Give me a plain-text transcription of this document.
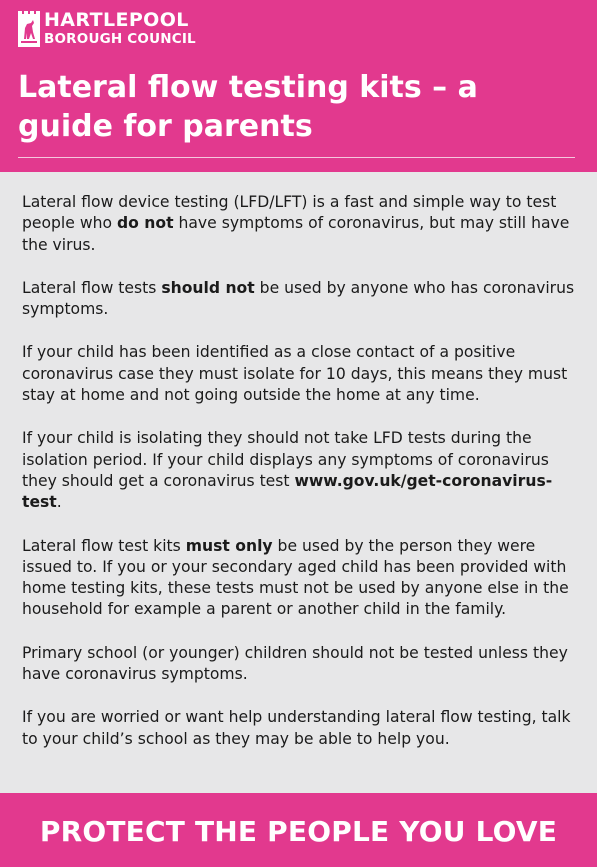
HARTLEPOOL
BOROUGH COUNCIL
Lateral flow testing kits – a guide for parents

Lateral flow device testing (LFD/LFT) is a fast and simple way to test people who do not have symptoms of coronavirus, but may still have the virus.

Lateral flow tests should not be used by anyone who has coronavirus symptoms.

If your child has been identified as a close contact of a positive coronavirus case they must isolate for 10 days, this means they must stay at home and not going outside the home at any time.

If your child is isolating they should not take LFD tests during the isolation period. If your child displays any symptoms of coronavirus they should get a coronavirus test www.gov.uk/get-coronavirus-test.

Lateral flow test kits must only be used by the person they were issued to. If you or your secondary aged child has been provided with home testing kits, these tests must not be used by anyone else in the household for example a parent or another child in the family.

Primary school (or younger) children should not be tested unless they have coronavirus symptoms.

If you are worried or want help understanding lateral flow testing, talk to your child’s school as they may be able to help you.

PROTECT THE PEOPLE YOU LOVE
